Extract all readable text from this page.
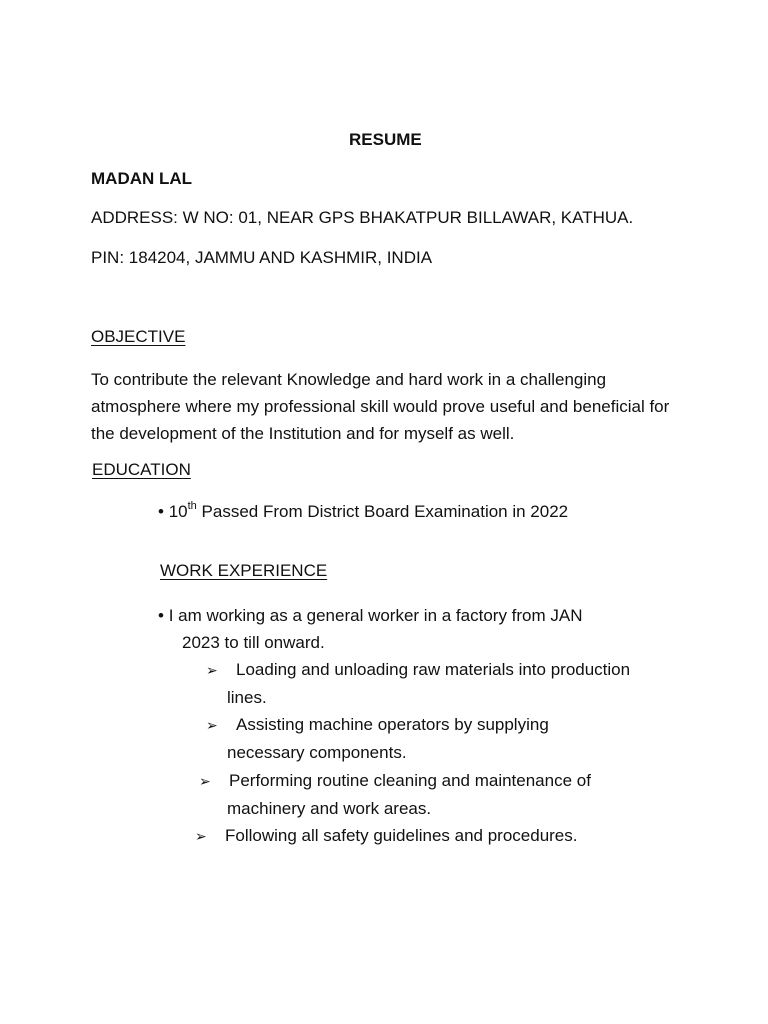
RESUME
MADAN LAL
ADDRESS: W NO: 01, NEAR GPS BHAKATPUR BILLAWAR, KATHUA.
PIN: 184204, JAMMU AND KASHMIR, INDIA
OBJECTIVE
To contribute the relevant Knowledge and hard work in a challenging atmosphere where my professional skill would prove useful and beneficial for the development of the Institution and for myself as well.
EDUCATION
• 10th Passed From District Board Examination in 2022
WORK EXPERIENCE
• I am working as a general worker in a factory from JAN
2023 to till onward.
➢ Loading and unloading raw materials into production
lines.
➢ Assisting machine operators by supplying
necessary components.
➢ Performing routine cleaning and maintenance of
machinery and work areas.
➢ Following all safety guidelines and procedures.
